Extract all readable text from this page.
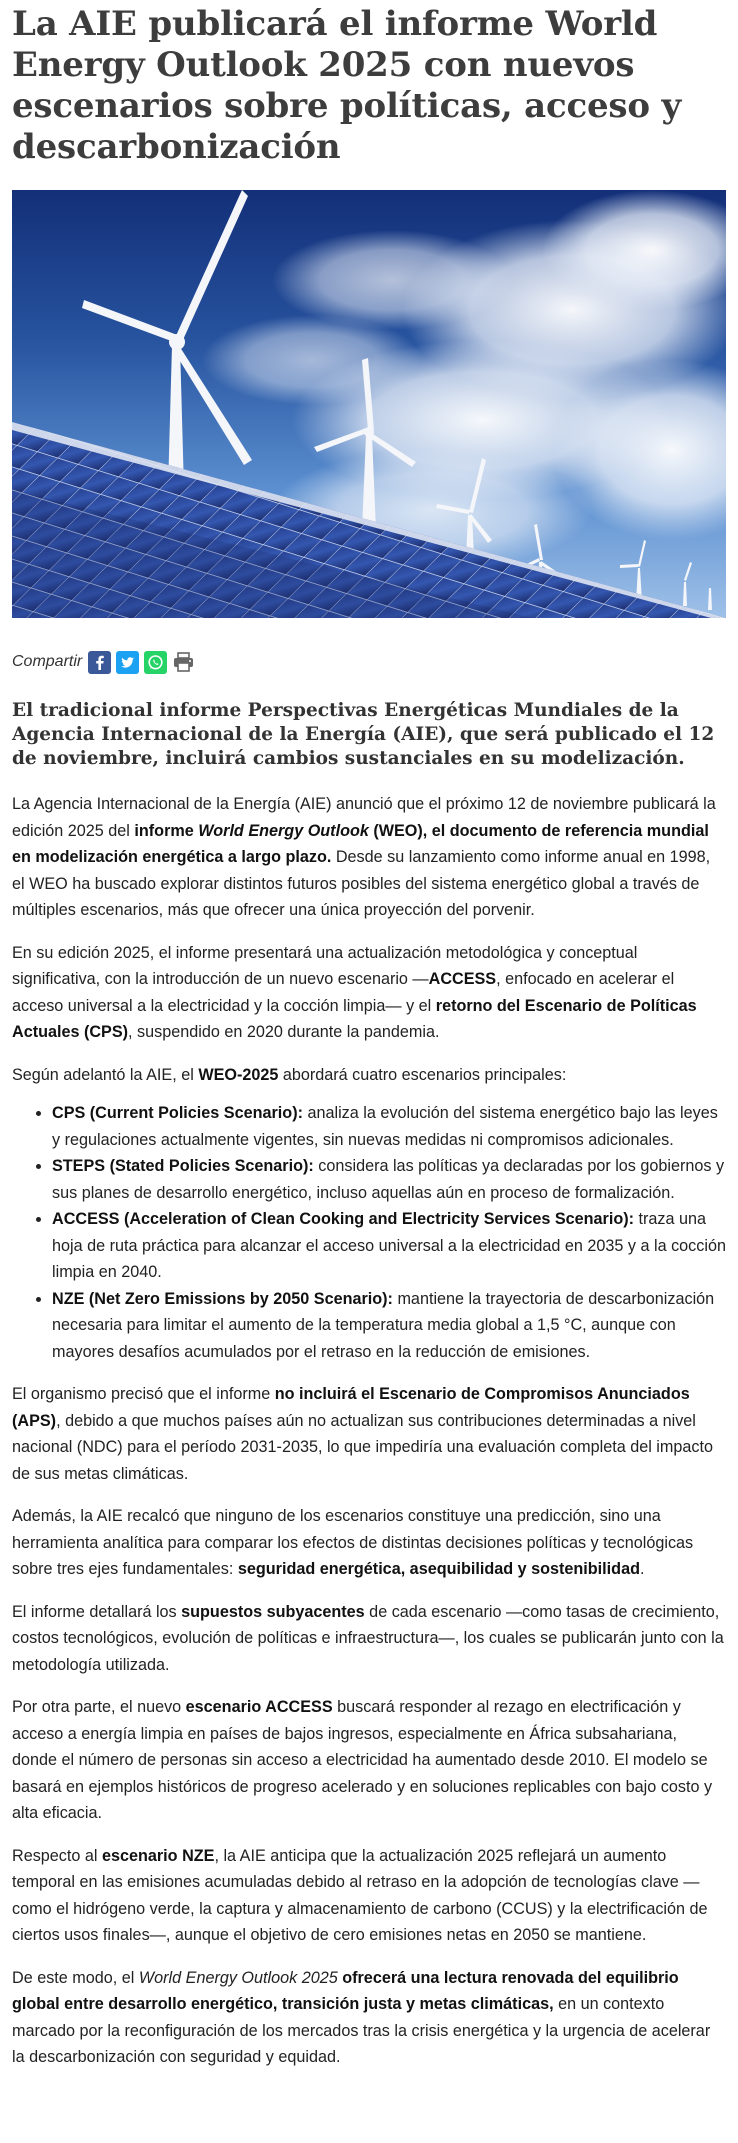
La AIE publicará el informe World Energy Outlook 2025 con nuevos escenarios sobre políticas, acceso y descarbonización
Compartir

El tradicional informe Perspectivas Energéticas Mundiales de la Agencia Internacional de la Energía (AIE), que será publicado el 12 de noviembre, incluirá cambios sustanciales en su modelización.

La Agencia Internacional de la Energía (AIE) anunció que el próximo 12 de noviembre publicará la edición 2025 del informe World Energy Outlook (WEO), el documento de referencia mundial en modelización energética a largo plazo. Desde su lanzamiento como informe anual en 1998, el WEO ha buscado explorar distintos futuros posibles del sistema energético global a través de múltiples escenarios, más que ofrecer una única proyección del porvenir.

En su edición 2025, el informe presentará una actualización metodológica y conceptual significativa, con la introducción de un nuevo escenario —ACCESS, enfocado en acelerar el acceso universal a la electricidad y la cocción limpia— y el retorno del Escenario de Políticas Actuales (CPS), suspendido en 2020 durante la pandemia.

Según adelantó la AIE, el WEO-2025 abordará cuatro escenarios principales:

• CPS (Current Policies Scenario): analiza la evolución del sistema energético bajo las leyes y regulaciones actualmente vigentes, sin nuevas medidas ni compromisos adicionales.
• STEPS (Stated Policies Scenario): considera las políticas ya declaradas por los gobiernos y sus planes de desarrollo energético, incluso aquellas aún en proceso de formalización.
• ACCESS (Acceleration of Clean Cooking and Electricity Services Scenario): traza una hoja de ruta práctica para alcanzar el acceso universal a la electricidad en 2035 y a la cocción limpia en 2040.
• NZE (Net Zero Emissions by 2050 Scenario): mantiene la trayectoria de descarbonización necesaria para limitar el aumento de la temperatura media global a 1,5 °C, aunque con mayores desafíos acumulados por el retraso en la reducción de emisiones.

El organismo precisó que el informe no incluirá el Escenario de Compromisos Anunciados (APS), debido a que muchos países aún no actualizan sus contribuciones determinadas a nivel nacional (NDC) para el período 2031-2035, lo que impediría una evaluación completa del impacto de sus metas climáticas.

Además, la AIE recalcó que ninguno de los escenarios constituye una predicción, sino una herramienta analítica para comparar los efectos de distintas decisiones políticas y tecnológicas sobre tres ejes fundamentales: seguridad energética, asequibilidad y sostenibilidad.

El informe detallará los supuestos subyacentes de cada escenario —como tasas de crecimiento, costos tecnológicos, evolución de políticas e infraestructura—, los cuales se publicarán junto con la metodología utilizada.

Por otra parte, el nuevo escenario ACCESS buscará responder al rezago en electrificación y acceso a energía limpia en países de bajos ingresos, especialmente en África subsahariana, donde el número de personas sin acceso a electricidad ha aumentado desde 2010. El modelo se basará en ejemplos históricos de progreso acelerado y en soluciones replicables con bajo costo y alta eficacia.

Respecto al escenario NZE, la AIE anticipa que la actualización 2025 reflejará un aumento temporal en las emisiones acumuladas debido al retraso en la adopción de tecnologías clave —como el hidrógeno verde, la captura y almacenamiento de carbono (CCUS) y la electrificación de ciertos usos finales—, aunque el objetivo de cero emisiones netas en 2050 se mantiene.

De este modo, el World Energy Outlook 2025 ofrecerá una lectura renovada del equilibrio global entre desarrollo energético, transición justa y metas climáticas, en un contexto marcado por la reconfiguración de los mercados tras la crisis energética y la urgencia de acelerar la descarbonización con seguridad y equidad.
